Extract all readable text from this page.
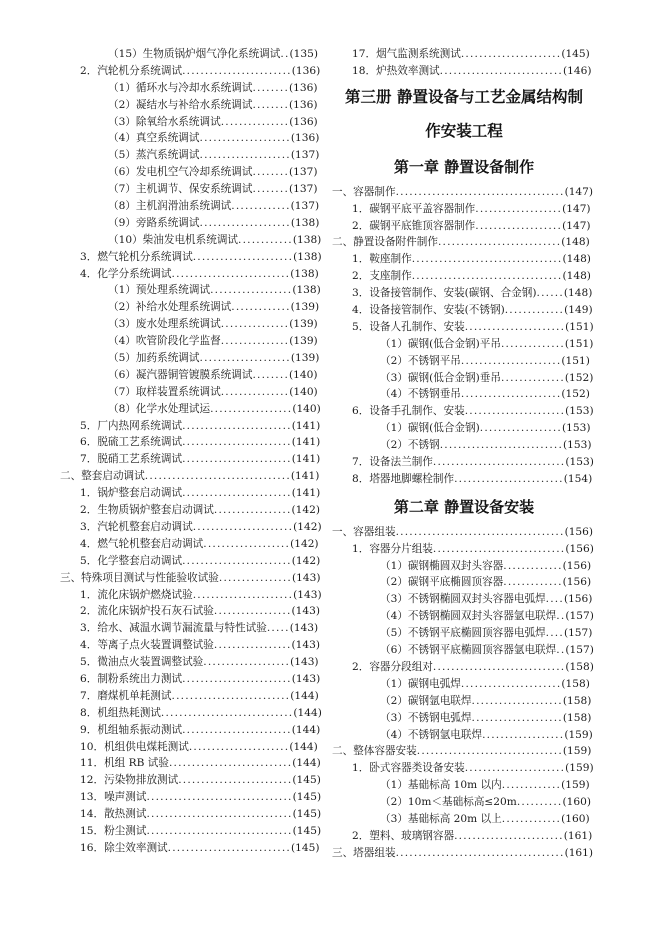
（15）生物质锅炉烟气净化系统调试 .. (135)
2．汽轮机分系统调试 ........................ (136)
（1）循环水与冷却水系统调试 ........ (136)
（2）凝结水与补给水系统调试 ........ (136)
（3）除氧给水系统调试 ............... (136)
（4）真空系统调试 .................... (136)
（5）蒸汽系统调试 .................... (137)
（6）发电机空气冷却系统调试 ........ (137)
（7）主机调节、保安系统调试 ........ (137)
（8）主机润滑油系统调试 ............. (137)
（9）旁路系统调试 .................... (138)
（10）柴油发电机系统调试 ............ (138)
3．燃气轮机分系统调试 ...................... (138)
4．化学分系统调试 .......................... (138)
（1）预处理系统调试 .................. (138)
（2）补给水处理系统调试 ............. (139)
（3）废水处理系统调试 ............... (139)
（4）吹管阶段化学监督 ............... (139)
（5）加药系统调试 .................... (139)
（6）凝汽器铜管镀膜系统调试 ........ (140)
（7）取样装置系统调试 ............... (140)
（8）化学水处理试运 .................. (140)
5．厂内热网系统调试 ........................ (141)
6．脱硫工艺系统调试 ........................ (141)
7．脱硝工艺系统调试 ........................ (141)
二、整套启动调试 ................................ (141)
1．锅炉整套启动调试 ........................ (141)
2．生物质锅炉整套启动调试 ................. (142)
3．汽轮机整套启动调试 ...................... (142)
4．燃气轮机整套启动调试 ................... (142)
5．化学整套启动调试 ........................ (142)
三、特殊项目测试与性能验收试验 ................ (143)
1．流化床锅炉燃烧试验 ...................... (143)
2．流化床锅炉投石灰石试验 ................. (143)
3．给水、减温水调节漏流量与特性试验 ..... (143)
4．等离子点火装置调整试验 ................. (143)
5．微油点火装置调整试验 ................... (143)
6．制粉系统出力测试 ........................ (143)
7．磨煤机单耗测试 .......................... (144)
8．机组热耗测试 ............................. (144)
9．机组轴系振动测试 ........................ (144)
10．机组供电煤耗测试 ...................... (144)
11．机组 RB 试验 ........................... (144)
12．污染物排放测试 ......................... (145)
13．噪声测试 ................................ (145)
14．散热测试 ................................ (145)
15．粉尘测试 ................................ (145)
16．除尘效率测试 ........................... (145)
17．烟气监测系统测试 ...................... (145)
18．炉热效率测试 ........................... (146)
第三册 静置设备与工艺金属结构制
作安装工程
第一章 静置设备制作
一、容器制作 ..................................... (147)
1．碳钢平底平盖容器制作 ................... (147)
2．碳钢平底锥顶容器制作 ................... (147)
二、静置设备附件制作 ........................... (148)
1．鞍座制作 ................................. (148)
2．支座制作 ................................. (148)
3．设备接管制作、安装(碳钢、合金钢) ...... (148)
4．设备接管制作、安装(不锈钢) ............. (149)
5．设备人孔制作、安装 ...................... (151)
（1）碳钢(低合金钢)平吊 .............. (151)
（2）不锈钢平吊 ...................... (151)
（3）碳钢(低合金钢)垂吊 .............. (152)
（4）不锈钢垂吊 ...................... (152)
6．设备手孔制作、安装 ...................... (153)
（1）碳钢(低合金钢) .................. (153)
（2）不锈钢 ........................... (153)
7．设备法兰制作 ............................. (153)
8．塔器地脚螺栓制作 ........................ (154)
第二章 静置设备安装
一、容器组装 ..................................... (156)
1．容器分片组装 ............................. (156)
（1）碳钢椭圆双封头容器 ............. (156)
（2）碳钢平底椭圆顶容器 ............. (156)
（3）不锈钢椭圆双封头容器电弧焊 .... (156)
（4）不锈钢椭圆双封头容器氩电联焊 .. (157)
（5）不锈钢平底椭圆顶容器电弧焊 .... (157)
（6）不锈钢平底椭圆顶容器氩电联焊 .. (157)
2．容器分段组对 ............................. (158)
（1）碳钢电弧焊 ...................... (158)
（2）碳钢氩电联焊 .................... (158)
（3）不锈钢电弧焊 .................... (158)
（4）不锈钢氩电联焊 .................. (159)
二、整体容器安装 ................................ (159)
1．卧式容器类设备安装 ...................... (159)
（1）基础标高 10m 以内 ............. (159)
（2）10m＜基础标高≤20m .......... (160)
（3）基础标高 20m 以上 ............. (160)
2．塑料、玻璃钢容器 ........................ (161)
三、塔器组装 ..................................... (161)
